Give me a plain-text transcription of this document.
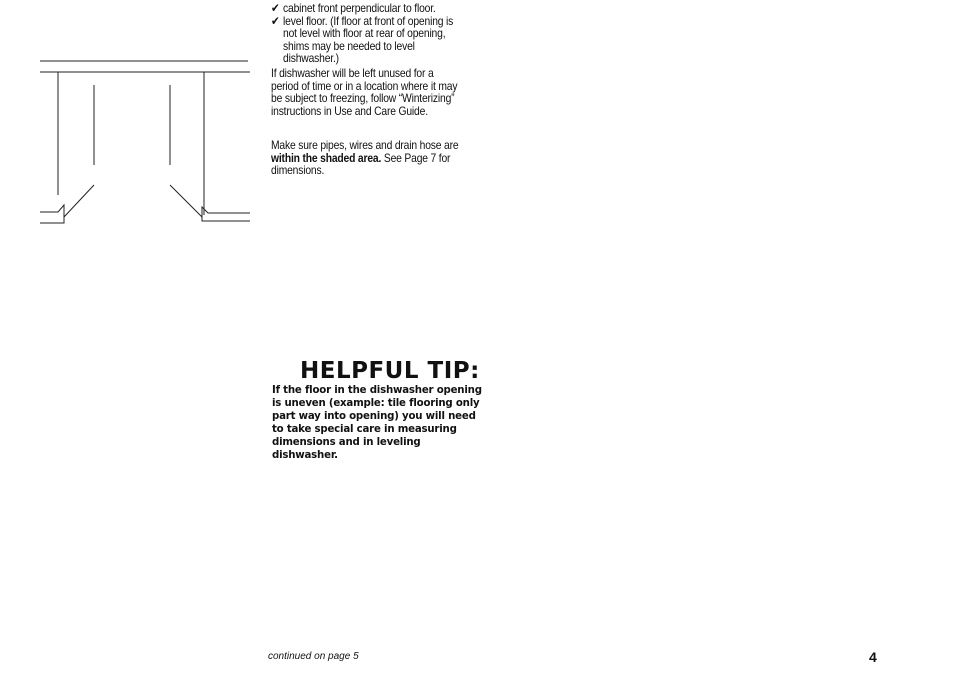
✔ cabinet front perpendicular to floor.
✔ level floor. (If floor at front of opening is not level with floor at rear of opening, shims may be needed to level dishwasher.)

If dishwasher will be left unused for a period of time or in a location where it may be subject to freezing, follow “Winterizing” instructions in Use and Care Guide.

Make sure pipes, wires and drain hose are within the shaded area. See Page 7 for dimensions.

HELPFUL TIP:

If the floor in the dishwasher opening is uneven (example: tile flooring only part way into opening) you will need to take special care in measuring dimensions and in leveling dishwasher.

continued on page 5	4
